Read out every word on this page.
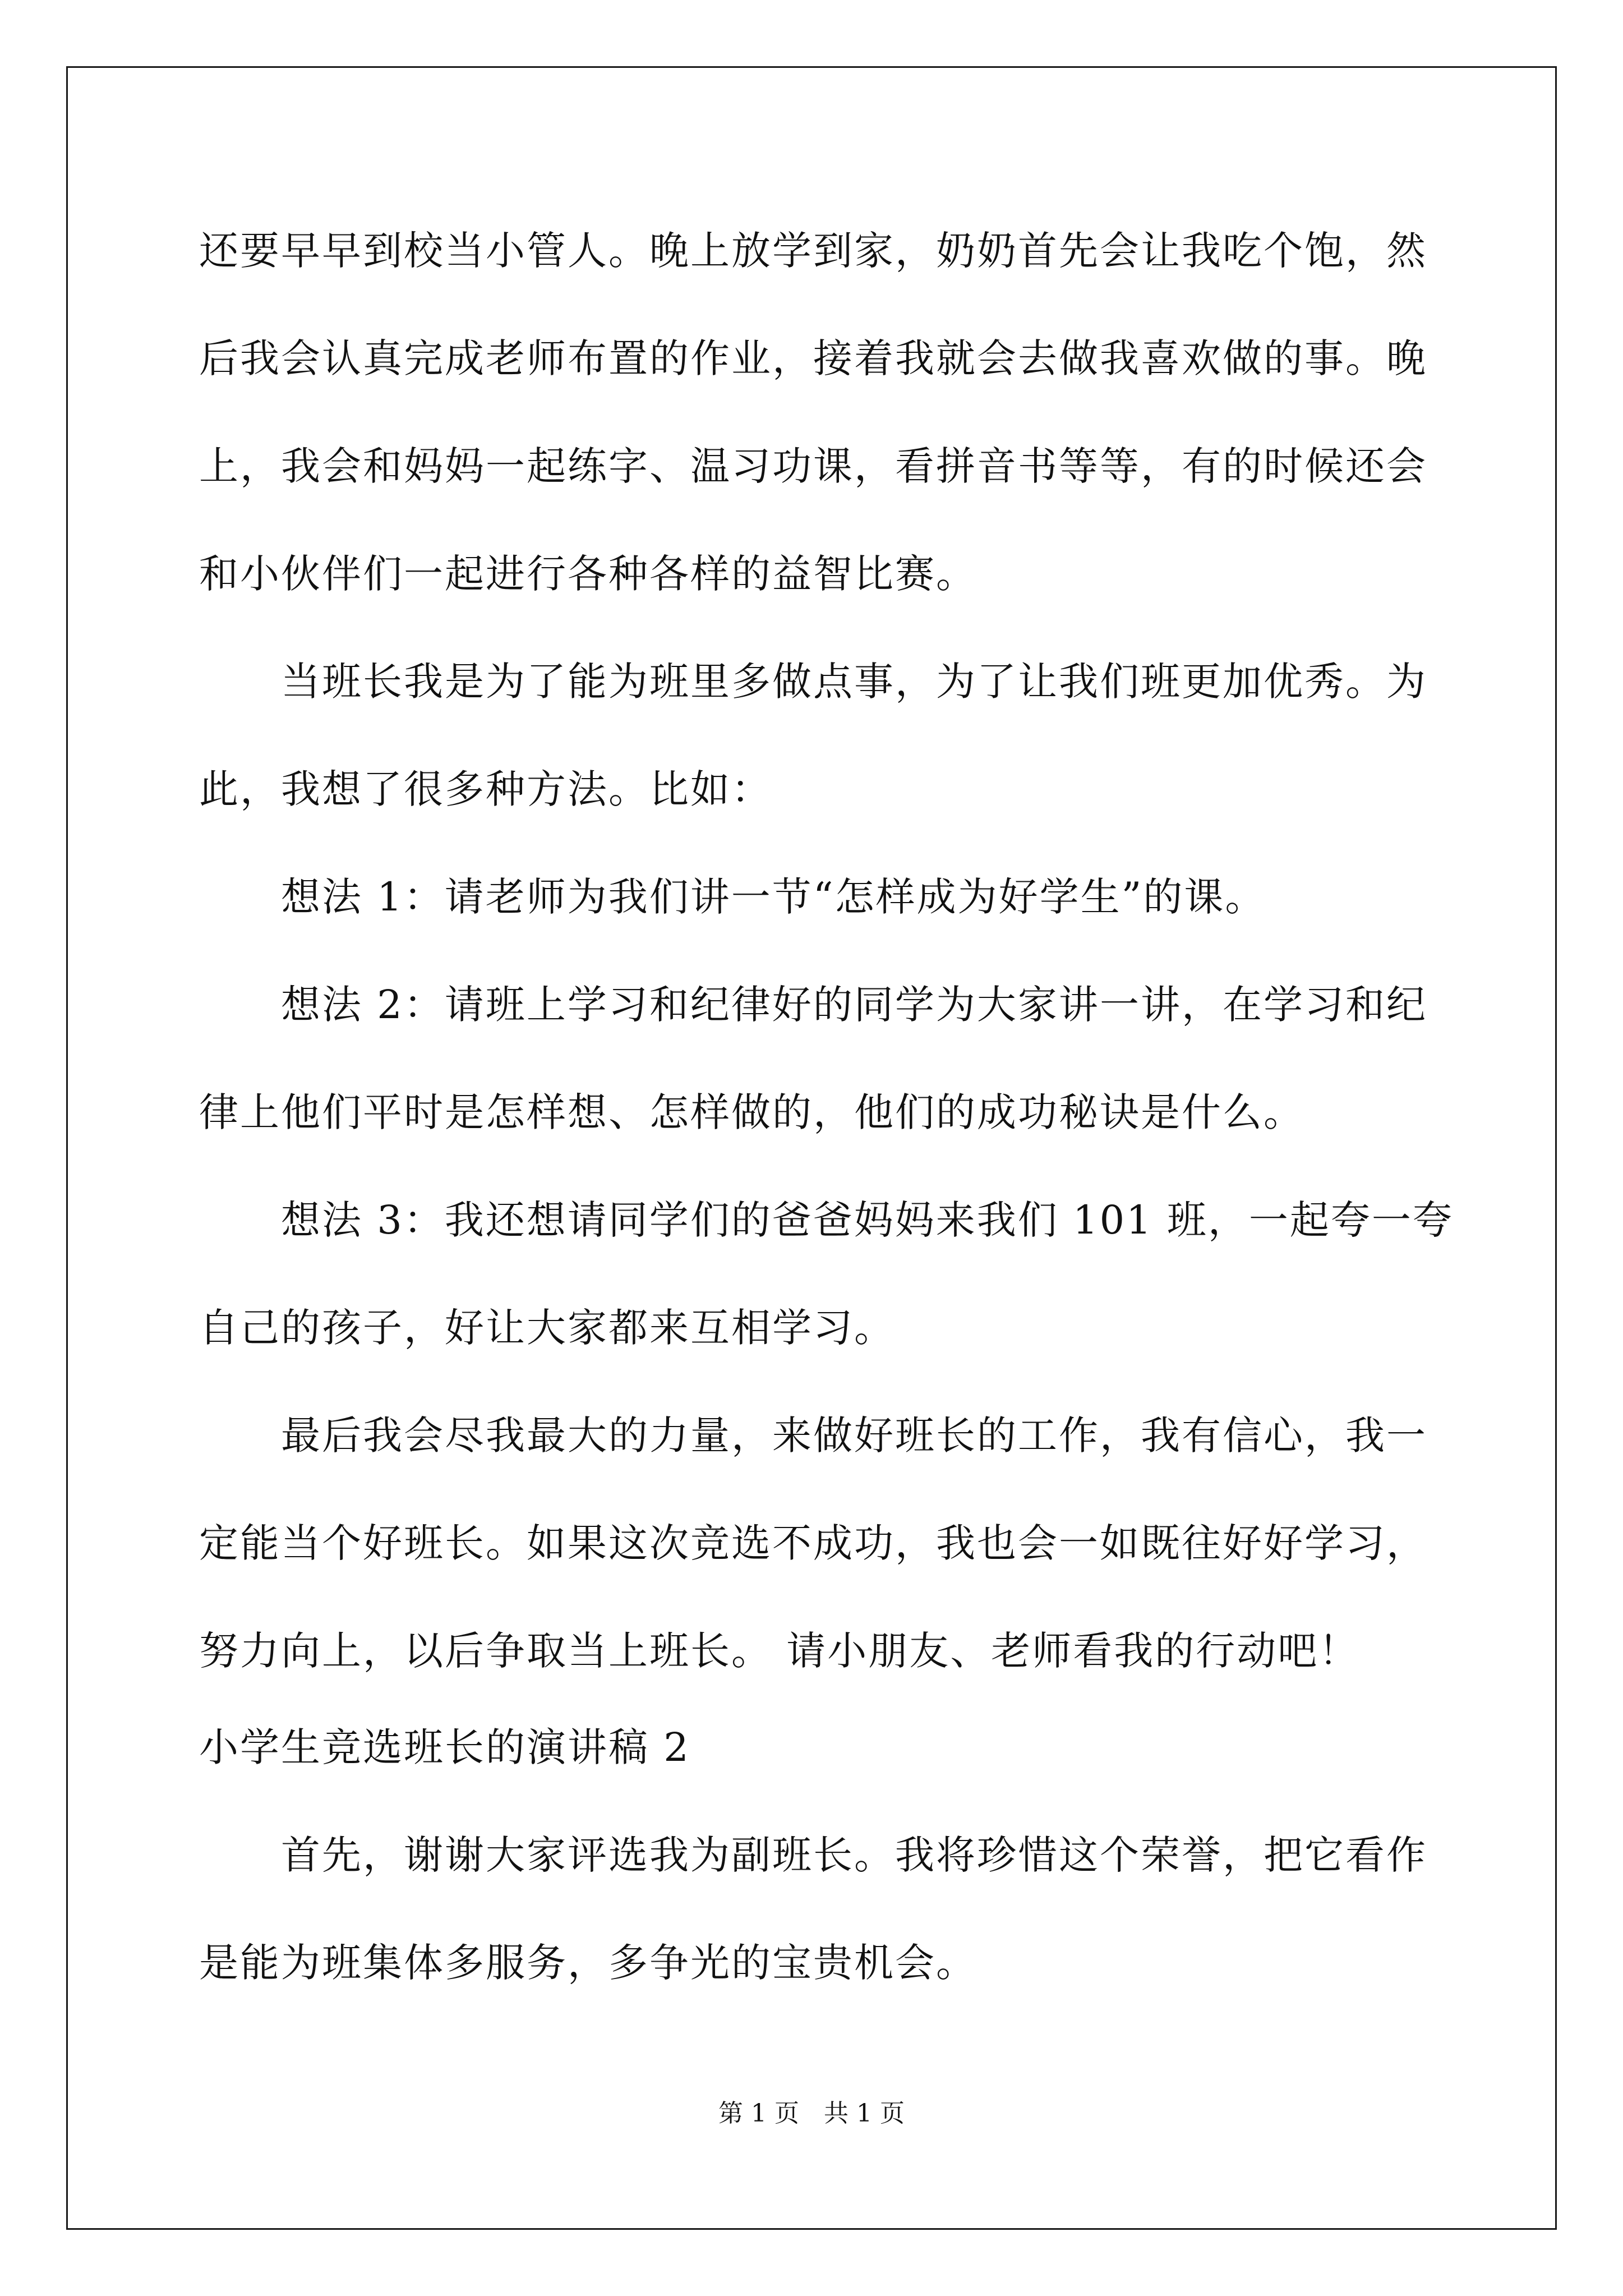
还要早早到校当小管人。晚上放学到家，奶奶首先会让我吃个饱，然
后我会认真完成老师布置的作业，接着我就会去做我喜欢做的事。晚
上，我会和妈妈一起练字、温习功课，看拼音书等等，有的时候还会
和小伙伴们一起进行各种各样的益智比赛。
当班长我是为了能为班里多做点事，为了让我们班更加优秀。为
此，我想了很多种方法。比如：
想法 1：请老师为我们讲一节“怎样成为好学生”的课。
想法 2：请班上学习和纪律好的同学为大家讲一讲，在学习和纪
律上他们平时是怎样想、怎样做的，他们的成功秘诀是什么。
想法 3：我还想请同学们的爸爸妈妈来我们 101 班，一起夸一夸
自己的孩子，好让大家都来互相学习。
最后我会尽我最大的力量，来做好班长的工作，我有信心，我一
定能当个好班长。如果这次竞选不成功，我也会一如既往好好学习，
努力向上，以后争取当上班长。 请小朋友、老师看我的行动吧！
小学生竞选班长的演讲稿 2
首先，谢谢大家评选我为副班长。我将珍惜这个荣誉，把它看作
是能为班集体多服务，多争光的宝贵机会。
第 1 页　共 1 页
